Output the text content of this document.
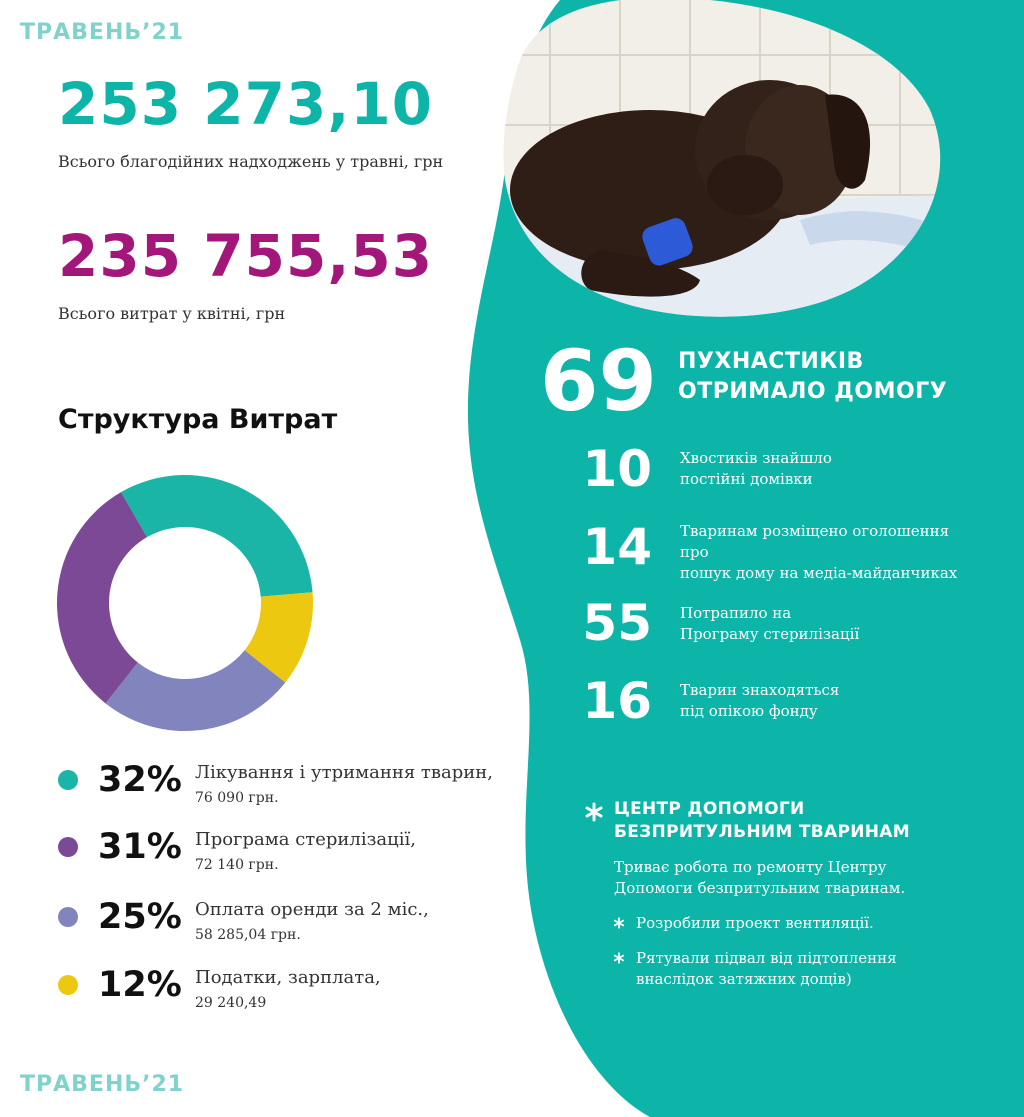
ТРАВЕНЬ’21
253 273,10
Всього благодійних надходжень у травні, грн
235 755,53
Всього витрат у квітні, грн
Структура Витрат
32% Лікування і утримання тварин,
76 090 грн.
31% Програма стерилізації,
72 140 грн.
25% Оплата оренди за 2 міс.,
58 285,04 грн.
12% Податки, зарплата,
29 240,49
ТРАВЕНЬ’21
69 ПУХНАСТИКІВ
ОТРИМАЛО ДОМОГУ
10 Хвостиків знайшло
постійні домівки
14 Тваринам розміщено оголошення про
пошук дому на медіа-майданчиках
55 Потрапило на
Програму стерилізації
16 Тварин знаходяться
під опікою фонду
ЦЕНТР ДОПОМОГИ
БЕЗПРИТУЛЬНИМ ТВАРИНАМ
Триває робота по ремонту Центру
Допомоги безпритульним тваринам.
Розробили проект вентиляції.
Рятували підвал від підтоплення
внаслідок затяжних дощів)
